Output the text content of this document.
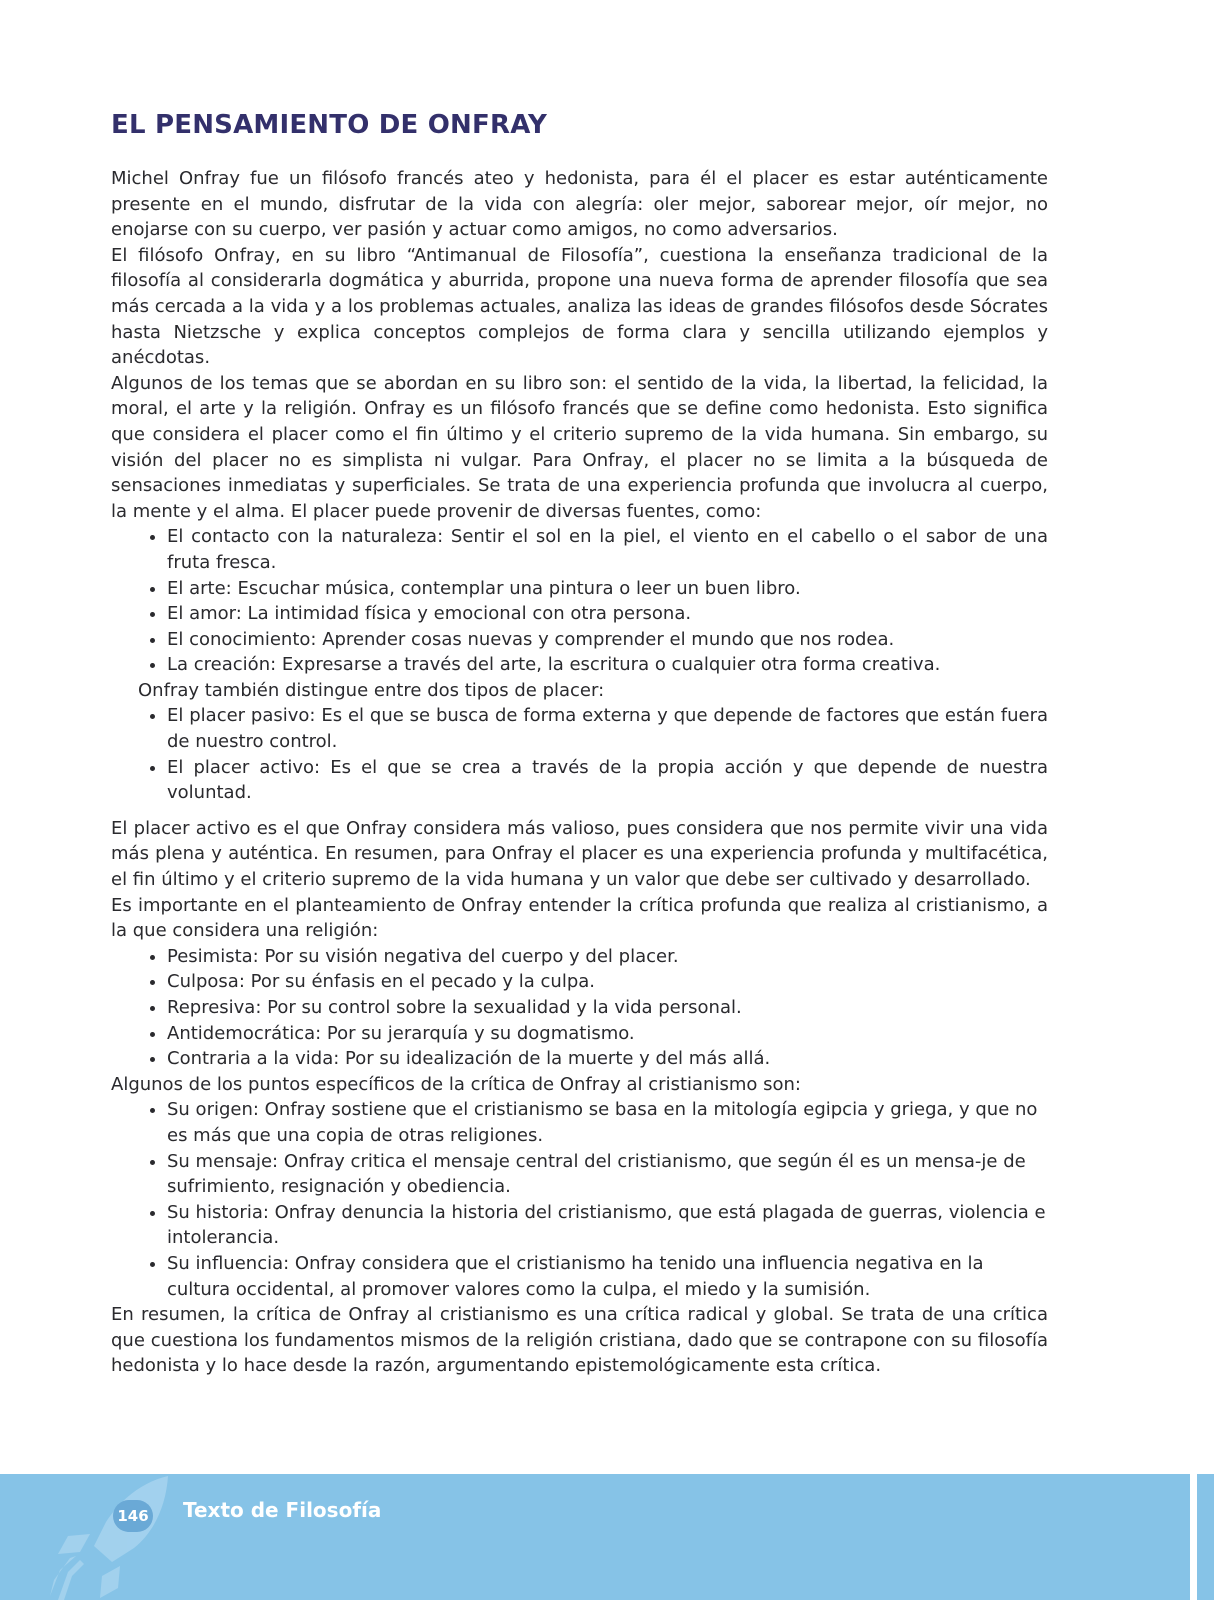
EL PENSAMIENTO DE ONFRAY

Michel Onfray fue un filósofo francés ateo y hedonista, para él el placer es estar auténticamente presente en el mundo, disfrutar de la vida con alegría: oler mejor, saborear mejor, oír mejor, no enojarse con su cuerpo, ver pasión y actuar como amigos, no como adversarios.

El filósofo Onfray, en su libro “Antimanual de Filosofía”, cuestiona la enseñanza tradicional de la filosofía al considerarla dogmática y aburrida, propone una nueva forma de aprender filosofía que sea más cercada a la vida y a los problemas actuales, analiza las ideas de grandes filósofos desde Sócrates hasta Nietzsche y explica conceptos complejos de forma clara y sencilla utilizando ejemplos y anécdotas.

Algunos de los temas que se abordan en su libro son: el sentido de la vida, la libertad, la felicidad, la moral, el arte y la religión. Onfray es un filósofo francés que se define como hedonista. Esto significa que considera el placer como el fin último y el criterio supremo de la vida humana. Sin embargo, su visión del placer no es simplista ni vulgar. Para Onfray, el placer no se limita a la búsqueda de sensaciones inmediatas y superficiales. Se trata de una experiencia profunda que involucra al cuerpo, la mente y el alma. El placer puede provenir de diversas fuentes, como:

• El contacto con la naturaleza: Sentir el sol en la piel, el viento en el cabello o el sabor de una fruta fresca.
• El arte: Escuchar música, contemplar una pintura o leer un buen libro.
• El amor: La intimidad física y emocional con otra persona.
• El conocimiento: Aprender cosas nuevas y comprender el mundo que nos rodea.
• La creación: Expresarse a través del arte, la escritura o cualquier otra forma creativa.

Onfray también distingue entre dos tipos de placer:

• El placer pasivo: Es el que se busca de forma externa y que depende de factores que están fuera de nuestro control.
• El placer activo: Es el que se crea a través de la propia acción y que depende de nuestra voluntad.

El placer activo es el que Onfray considera más valioso, pues considera que nos permite vivir una vida más plena y auténtica. En resumen, para Onfray el placer es una experiencia profunda y multifacética, el fin último y el criterio supremo de la vida humana y un valor que debe ser cultivado y desarrollado.

Es importante en el planteamiento de Onfray entender la crítica profunda que realiza al cristianismo, a la que considera una religión:

• Pesimista: Por su visión negativa del cuerpo y del placer.
• Culposa: Por su énfasis en el pecado y la culpa.
• Represiva: Por su control sobre la sexualidad y la vida personal.
• Antidemocrática: Por su jerarquía y su dogmatismo.
• Contraria a la vida: Por su idealización de la muerte y del más allá.

Algunos de los puntos específicos de la crítica de Onfray al cristianismo son:

• Su origen: Onfray sostiene que el cristianismo se basa en la mitología egipcia y griega, y que no es más que una copia de otras religiones.
• Su mensaje: Onfray critica el mensaje central del cristianismo, que según él es un mensa-je de sufrimiento, resignación y obediencia.
• Su historia: Onfray denuncia la historia del cristianismo, que está plagada de guerras, violencia e intolerancia.
• Su influencia: Onfray considera que el cristianismo ha tenido una influencia negativa en la cultura occidental, al promover valores como la culpa, el miedo y la sumisión.

En resumen, la crítica de Onfray al cristianismo es una crítica radical y global. Se trata de una crítica que cuestiona los fundamentos mismos de la religión cristiana, dado que se contrapone con su filosofía hedonista y lo hace desde la razón, argumentando epistemológicamente esta crítica.

146 Texto de Filosofía
